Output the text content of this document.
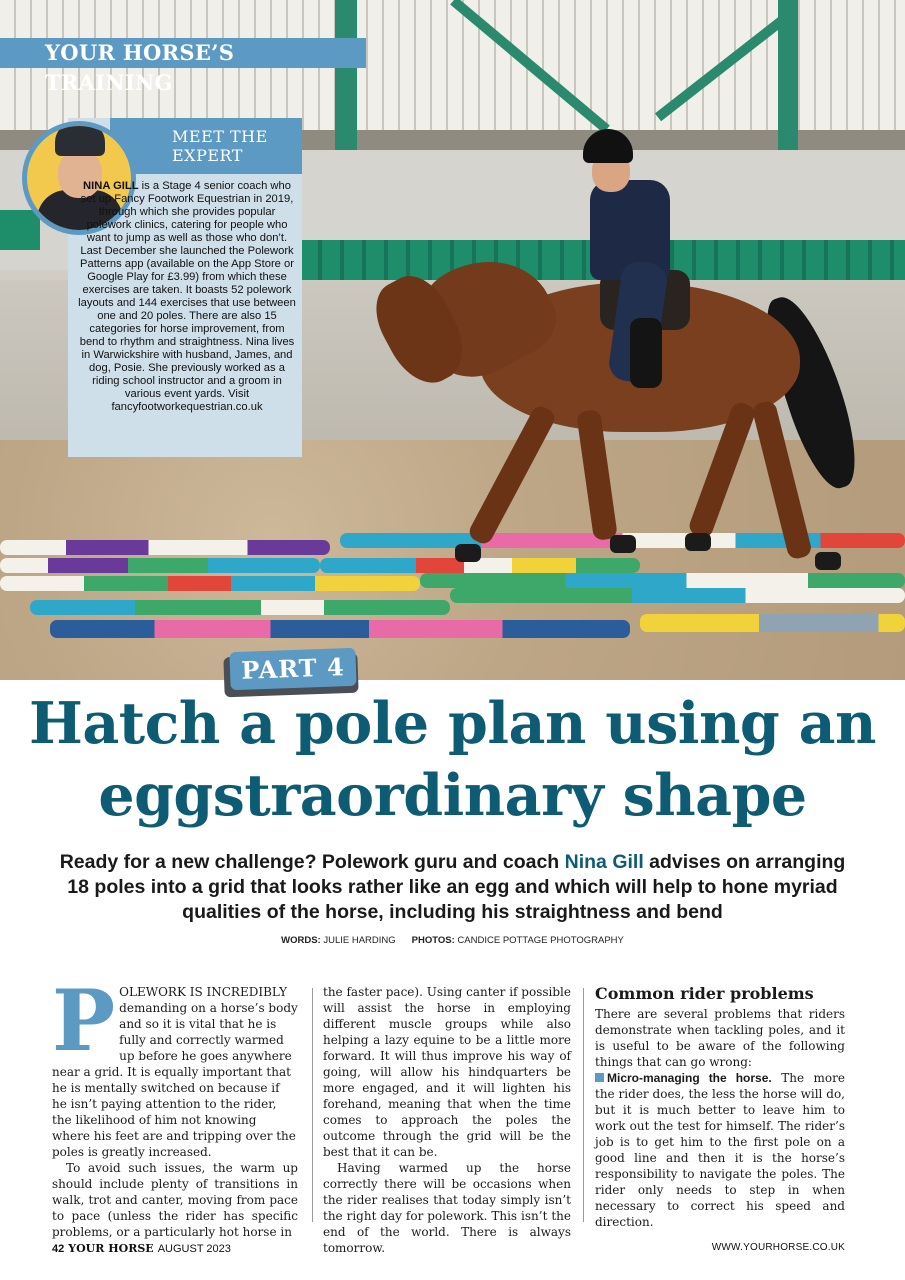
YOUR HORSE’S TRAINING
MEET THE EXPERT
NINA GILL is a Stage 4 senior coach who set up Fancy Footwork Equestrian in 2019, through which she provides popular polework clinics, catering for people who want to jump as well as those who don’t. Last December she launched the Polework Patterns app (available on the App Store or Google Play for £3.99) from which these exercises are taken. It boasts 52 polework layouts and 144 exercises that use between one and 20 poles. There are also 15 categories for horse improvement, from bend to rhythm and straightness. Nina lives in Warwickshire with husband, James, and dog, Posie. She previously worked as a riding school instructor and a groom in various event yards. Visit fancyfootworkequestrian.co.uk
PART 4
Hatch a pole plan using an
eggstraordinary shape
Ready for a new challenge? Polework guru and coach Nina Gill advises on arranging 18 poles into a grid that looks rather like an egg and which will help to hone myriad qualities of the horse, including his straightness and bend
WORDS: JULIE HARDING PHOTOS: CANDICE POTTAGE PHOTOGRAPHY
P OLEWORK IS INCREDIBLY demanding on a horse’s body and so it is vital that he is fully and correctly warmed up before he goes anywhere near a grid. It is equally important that he is mentally switched on because if he isn’t paying attention to the rider, the likelihood of him not knowing where his feet are and tripping over the poles is greatly increased.

To avoid such issues, the warm up should include plenty of transitions in walk, trot and canter, moving from pace to pace (unless the rider has specific problems, or a particularly hot horse in

the faster pace). Using canter if possible will assist the horse in employing different muscle groups while also helping a lazy equine to be a little more forward. It will thus improve his way of going, will allow his hindquarters be more engaged, and it will lighten his forehand, meaning that when the time comes to approach the poles the outcome through the grid will be the best that it can be.

Having warmed up the horse correctly there will be occasions when the rider realises that today simply isn’t the right day for polework. This isn’t the end of the world. There is always tomorrow.

Common rider problems

There are several problems that riders demonstrate when tackling poles, and it is useful to be aware of the following things that can go wrong:

Micro-managing the horse. The more the rider does, the less the horse will do, but it is much better to leave him to work out the test for himself. The rider’s job is to get him to the first pole on a good line and then it is the horse’s responsibility to navigate the poles. The rider only needs to step in when necessary to correct his speed and direction.

42 YOUR HORSE AUGUST 2023	WWW.YOURHORSE.CO.UK
